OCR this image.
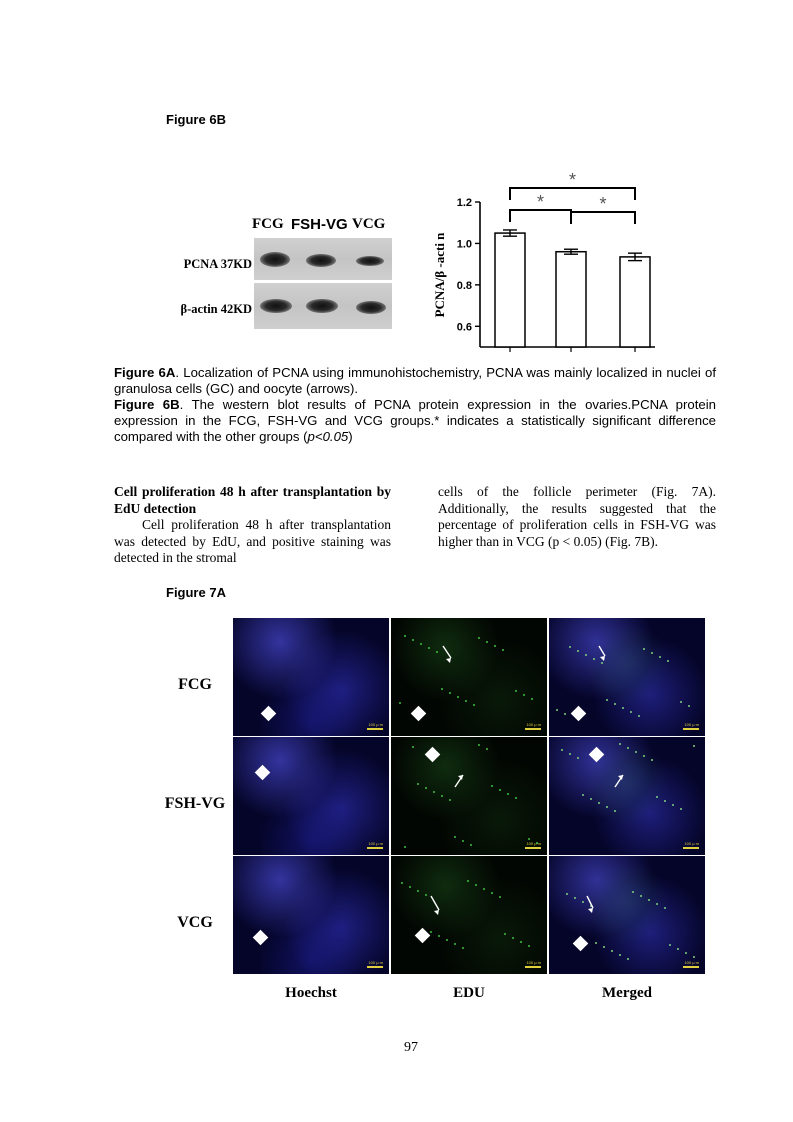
Figure 6B
FCG FSH-VG VCG
PCNA 37KD
β-actin 42KD
0.6
0.8
1.0
1.2
PCNA/β -acti n
*
*	*
Figure 6A. Localization of PCNA using immunohistochemistry, PCNA was mainly localized in nuclei of granulosa cells (GC) and oocyte (arrows).
Figure 6B. The western blot results of PCNA protein expression in the ovaries.PCNA protein expression in the FCG, FSH-VG and VCG groups.* indicates a statistically significant difference compared with the other groups (p<0.05)
Cell proliferation 48 h after transplantation by EdU detection
Cell proliferation 48 h after transplantation was detected by EdU, and positive staining was detected in the stromal
cells of the follicle perimeter (Fig. 7A). Additionally, the results suggested that the percentage of proliferation cells in FSH-VG was higher than in VCG (p < 0.05) (Fig. 7B).
Figure 7A
FCG
FSH-VG
VCG
Hoechst	EDU	Merged
100 μ m	100 μ m	100 μ m
100 μ m	100 μ m	100 μ m
100 μ m	100 μ m	100 μ m
97
